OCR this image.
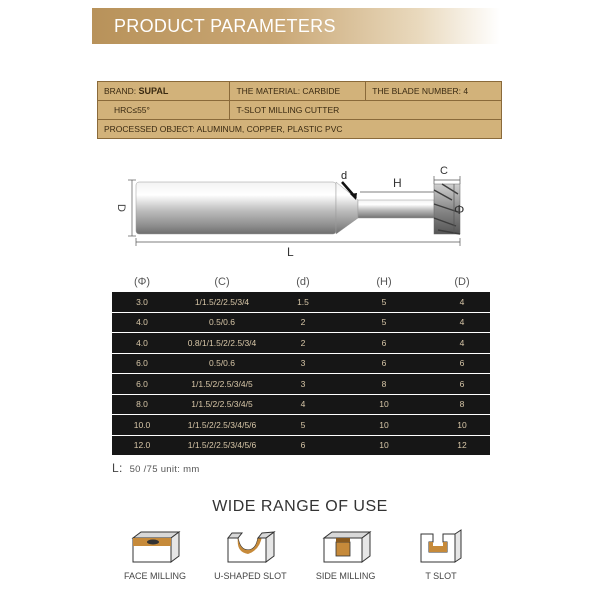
PRODUCT PARAMETERS
BRAND: SUPAL	THE MATERIAL: CARBIDE	THE BLADE NUMBER: 4
HRC≤55°	T-SLOT MILLING CUTTER	
PROCESSED OBJECT: ALUMINUM, COPPER, PLASTIC PVC		
D
d	H
C
Φ
L
(Φ)	(C)	(d)	(H)	(D)
3.0	1/1.5/2/2.5/3/4	1.5	5	4
4.0	0.5/0.6	2	5	4
4.0	0.8/1/1.5/2/2.5/3/4	2	6	4
6.0	0.5/0.6	3	6	6
6.0	1/1.5/2/2.5/3/4/5	3	8	6
8.0	1/1.5/2/2.5/3/4/5	4	10	8
10.0	1/1.5/2/2.5/3/4/5/6	5	10	10
12.0	1/1.5/2/2.5/3/4/5/6	6	10	12
L: 50 /75 unit: mm
WIDE RANGE OF USE
FACE MILLING	U-SHAPED SLOT	SIDE MILLING	T SLOT
